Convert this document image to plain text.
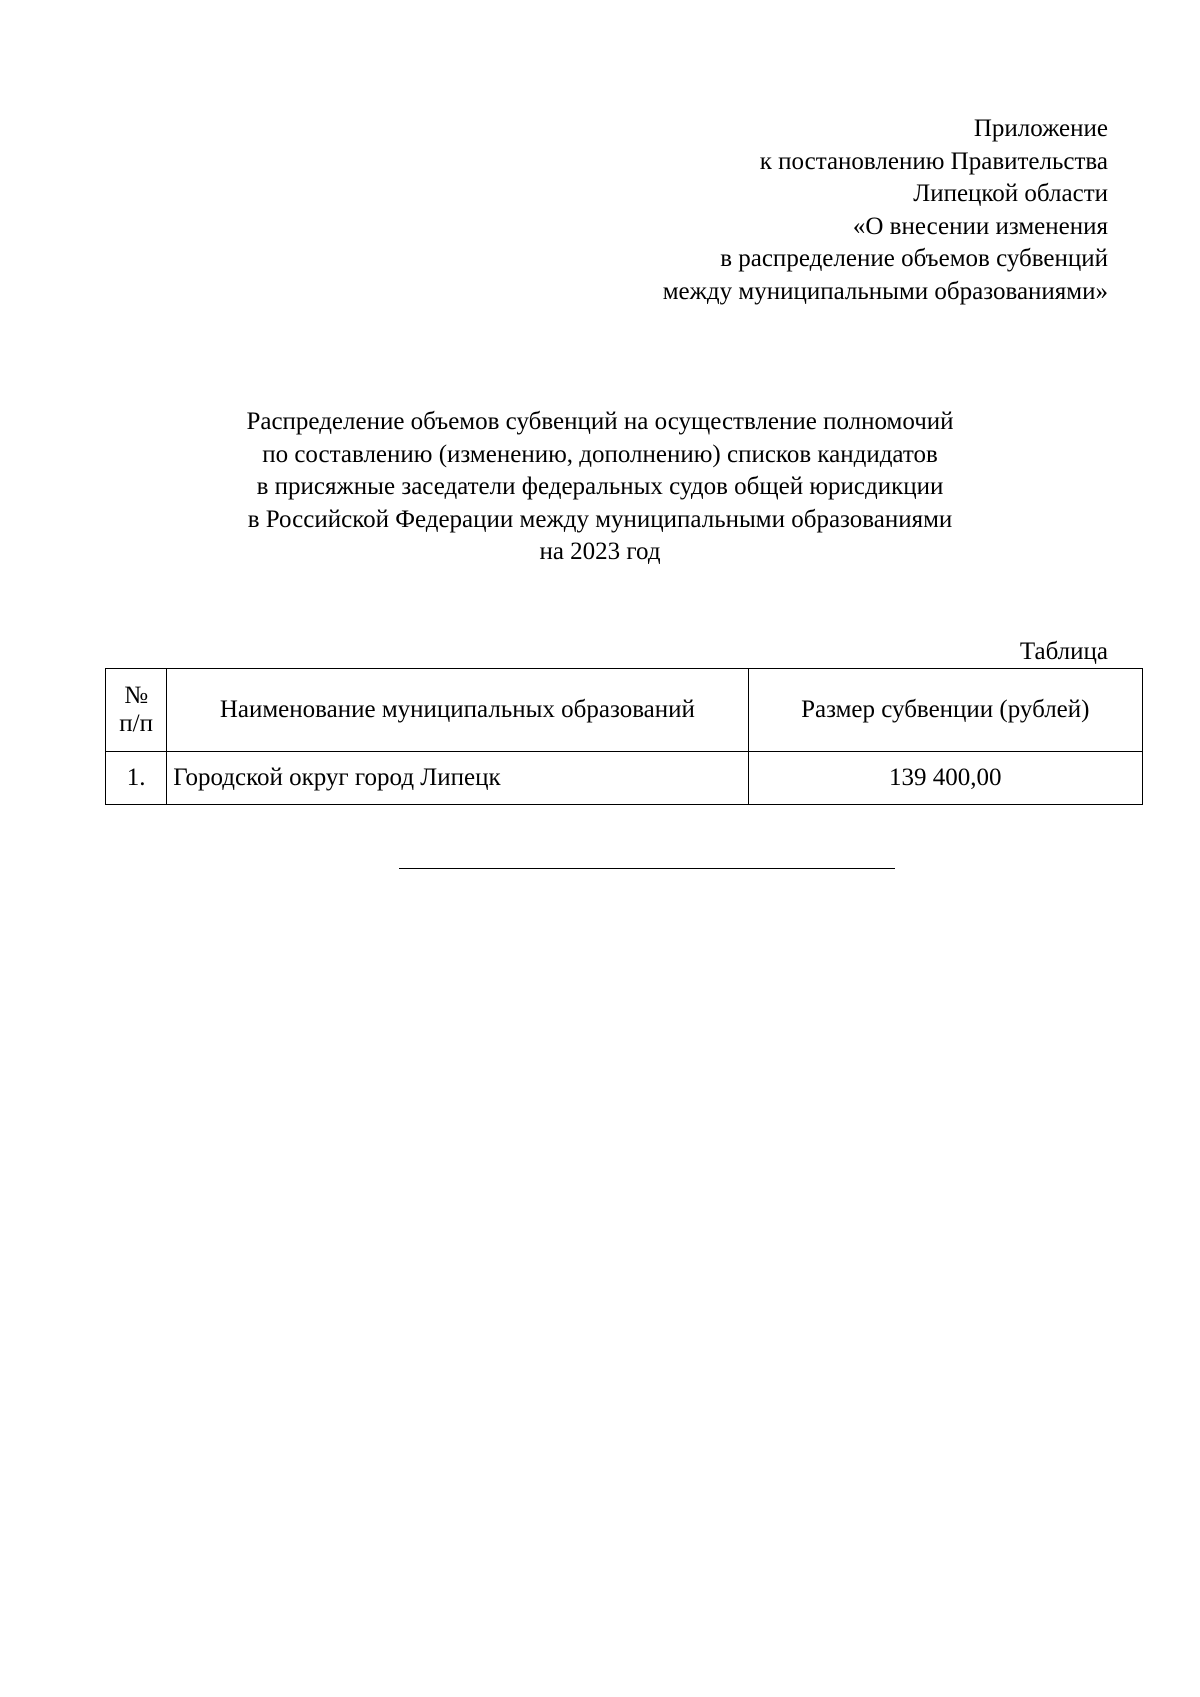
Приложение
к постановлению Правительства
Липецкой области
«О внесении изменения
в распределение объемов субвенций
между муниципальными образованиями»
Распределение объемов субвенций на осуществление полномочий
по составлению (изменению, дополнению) списков кандидатов
в присяжные заседатели федеральных судов общей юрисдикции
в Российской Федерации между муниципальными образованиями
на 2023 год
Таблица
№
п/п	Наименование муниципальных образований	Размер субвенции (рублей)
1.	Городской округ город Липецк	139 400,00
